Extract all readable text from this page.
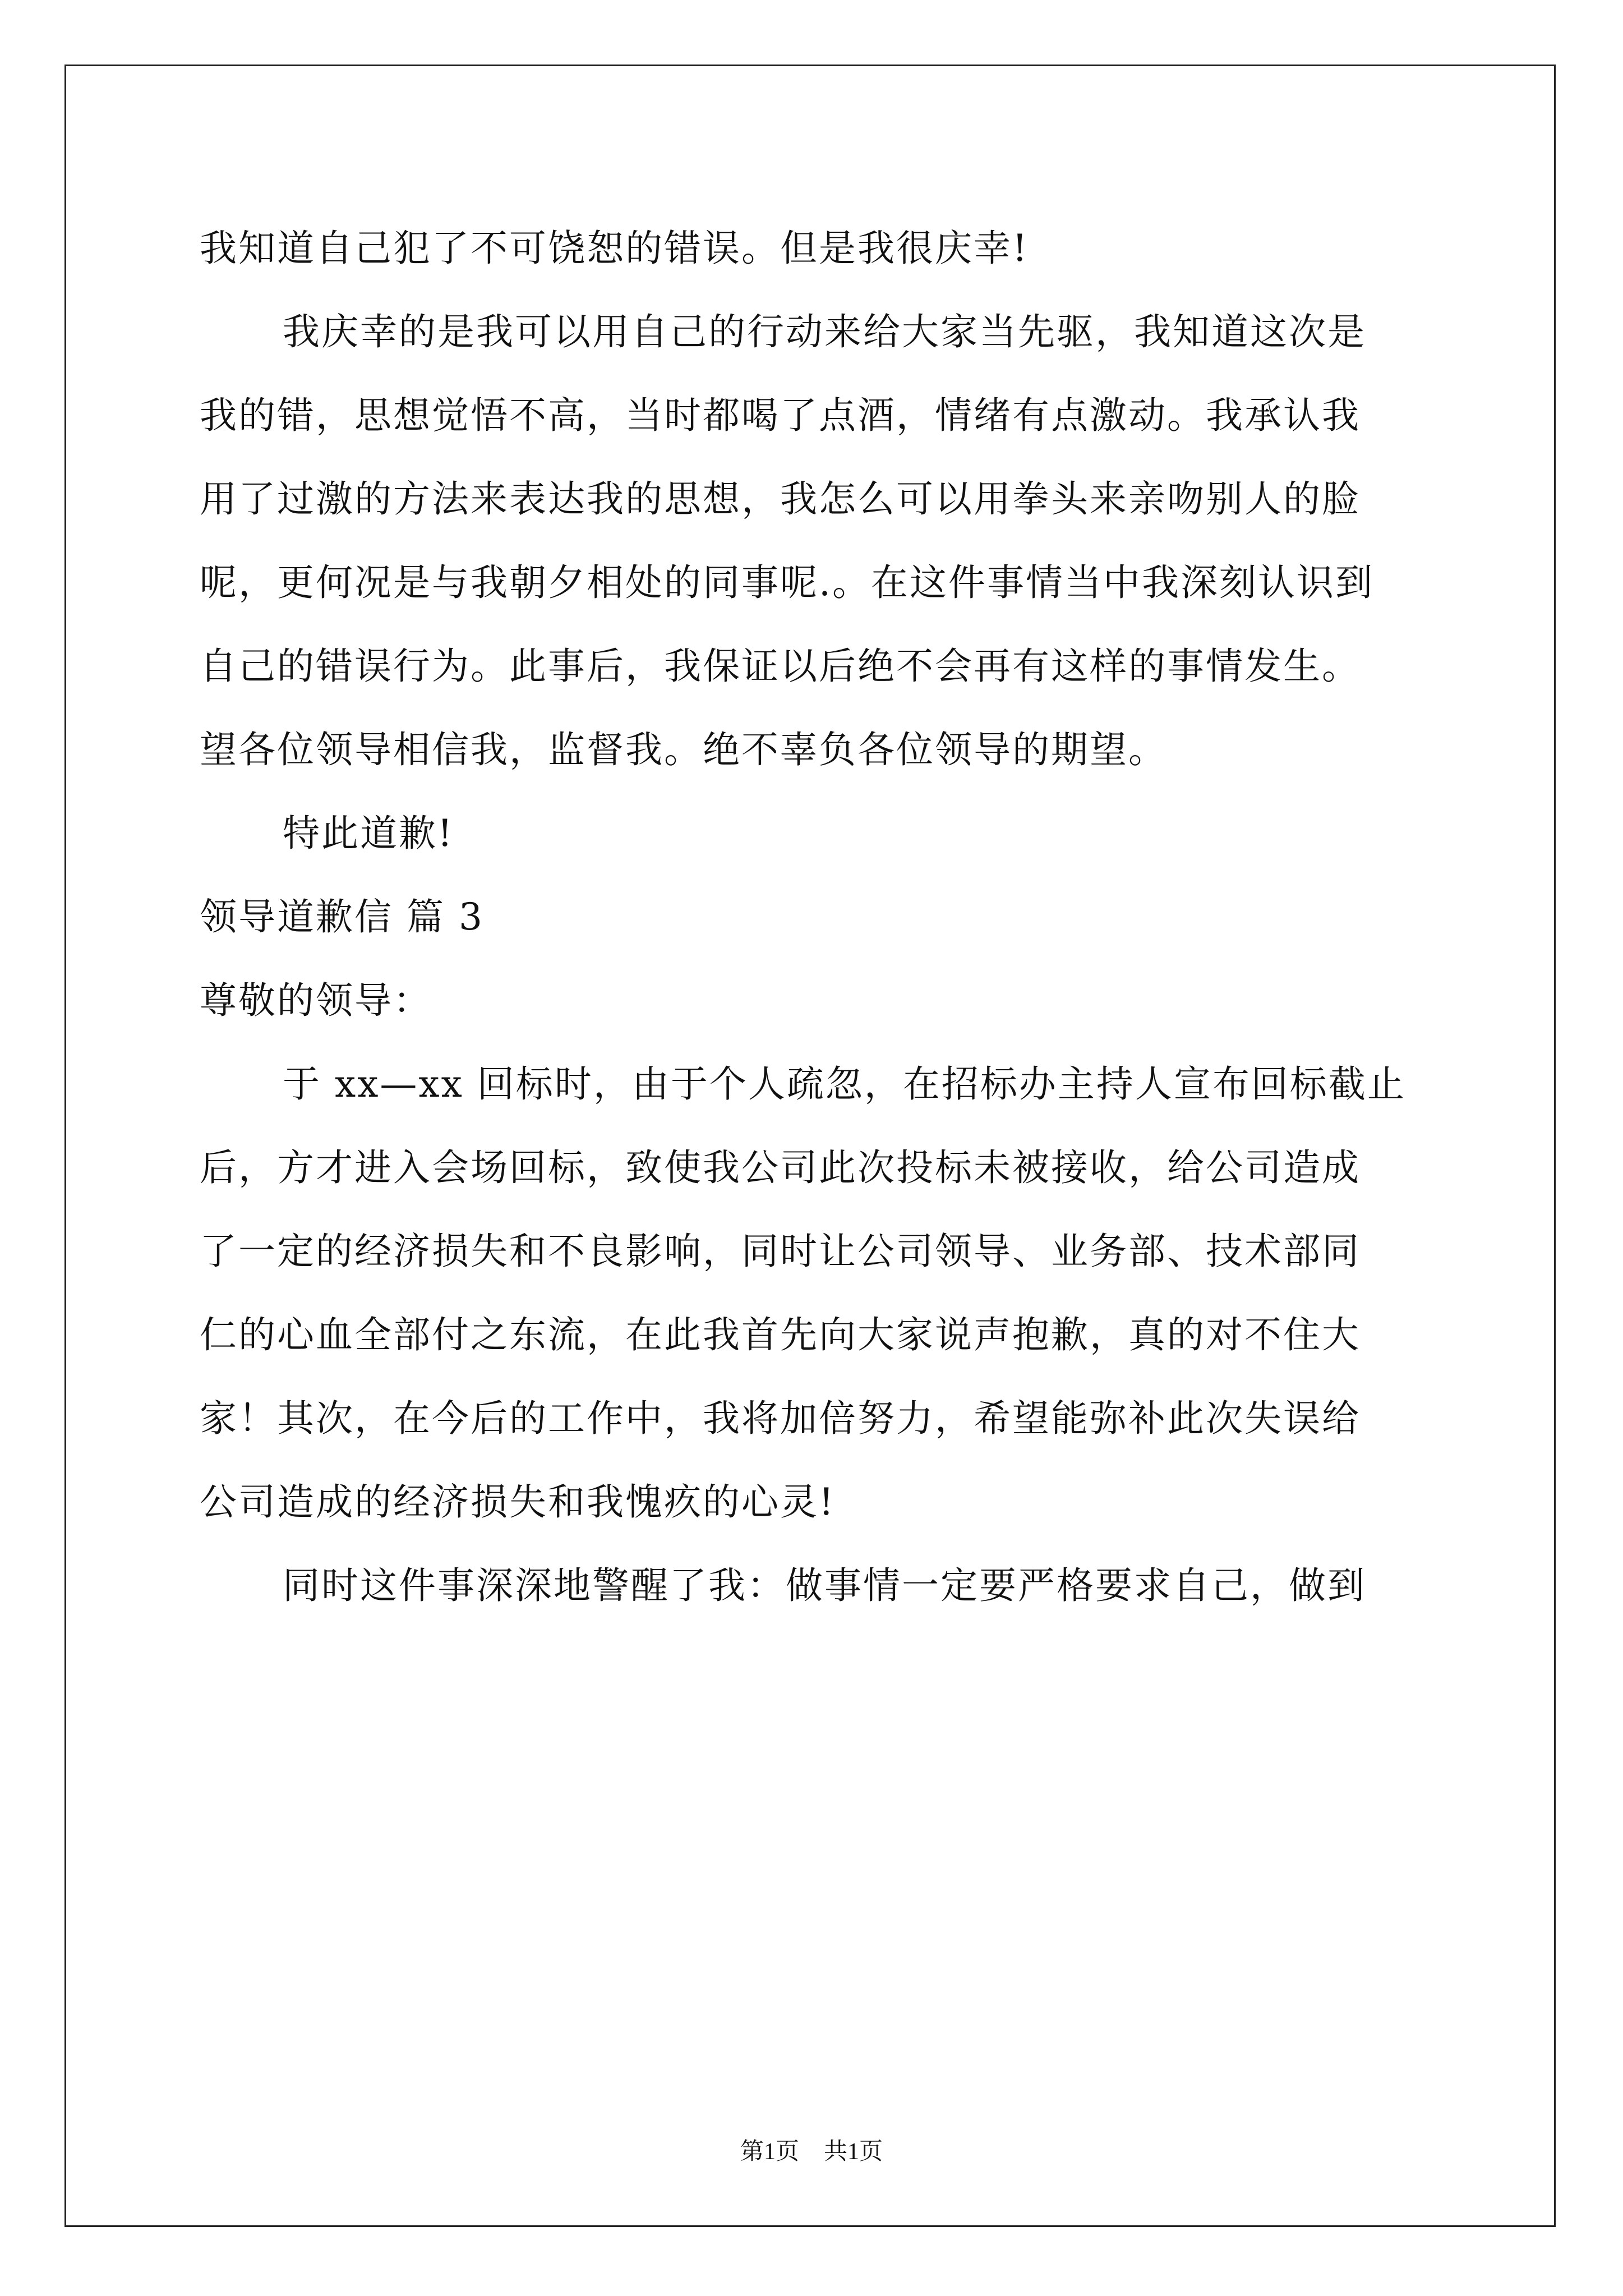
我知道自己犯了不可饶恕的错误。但是我很庆幸!
我庆幸的是我可以用自己的行动来给大家当先驱，我知道这次是
我的错，思想觉悟不高，当时都喝了点酒，情绪有点激动。我承认我
用了过激的方法来表达我的思想，我怎么可以用拳头来亲吻别人的脸
呢，更何况是与我朝夕相处的同事呢.。在这件事情当中我深刻认识到
自己的错误行为。此事后，我保证以后绝不会再有这样的事情发生。
望各位领导相信我，监督我。绝不辜负各位领导的期望。
特此道歉!
领导道歉信 篇 3
尊敬的领导：
于 xx—xx 回标时，由于个人疏忽，在招标办主持人宣布回标截止
后，方才进入会场回标，致使我公司此次投标未被接收，给公司造成
了一定的经济损失和不良影响，同时让公司领导、业务部、技术部同
仁的心血全部付之东流，在此我首先向大家说声抱歉，真的对不住大
家！其次，在今后的工作中，我将加倍努力，希望能弥补此次失误给
公司造成的经济损失和我愧疚的心灵!
同时这件事深深地警醒了我：做事情一定要严格要求自己，做到
第1页 共1页
